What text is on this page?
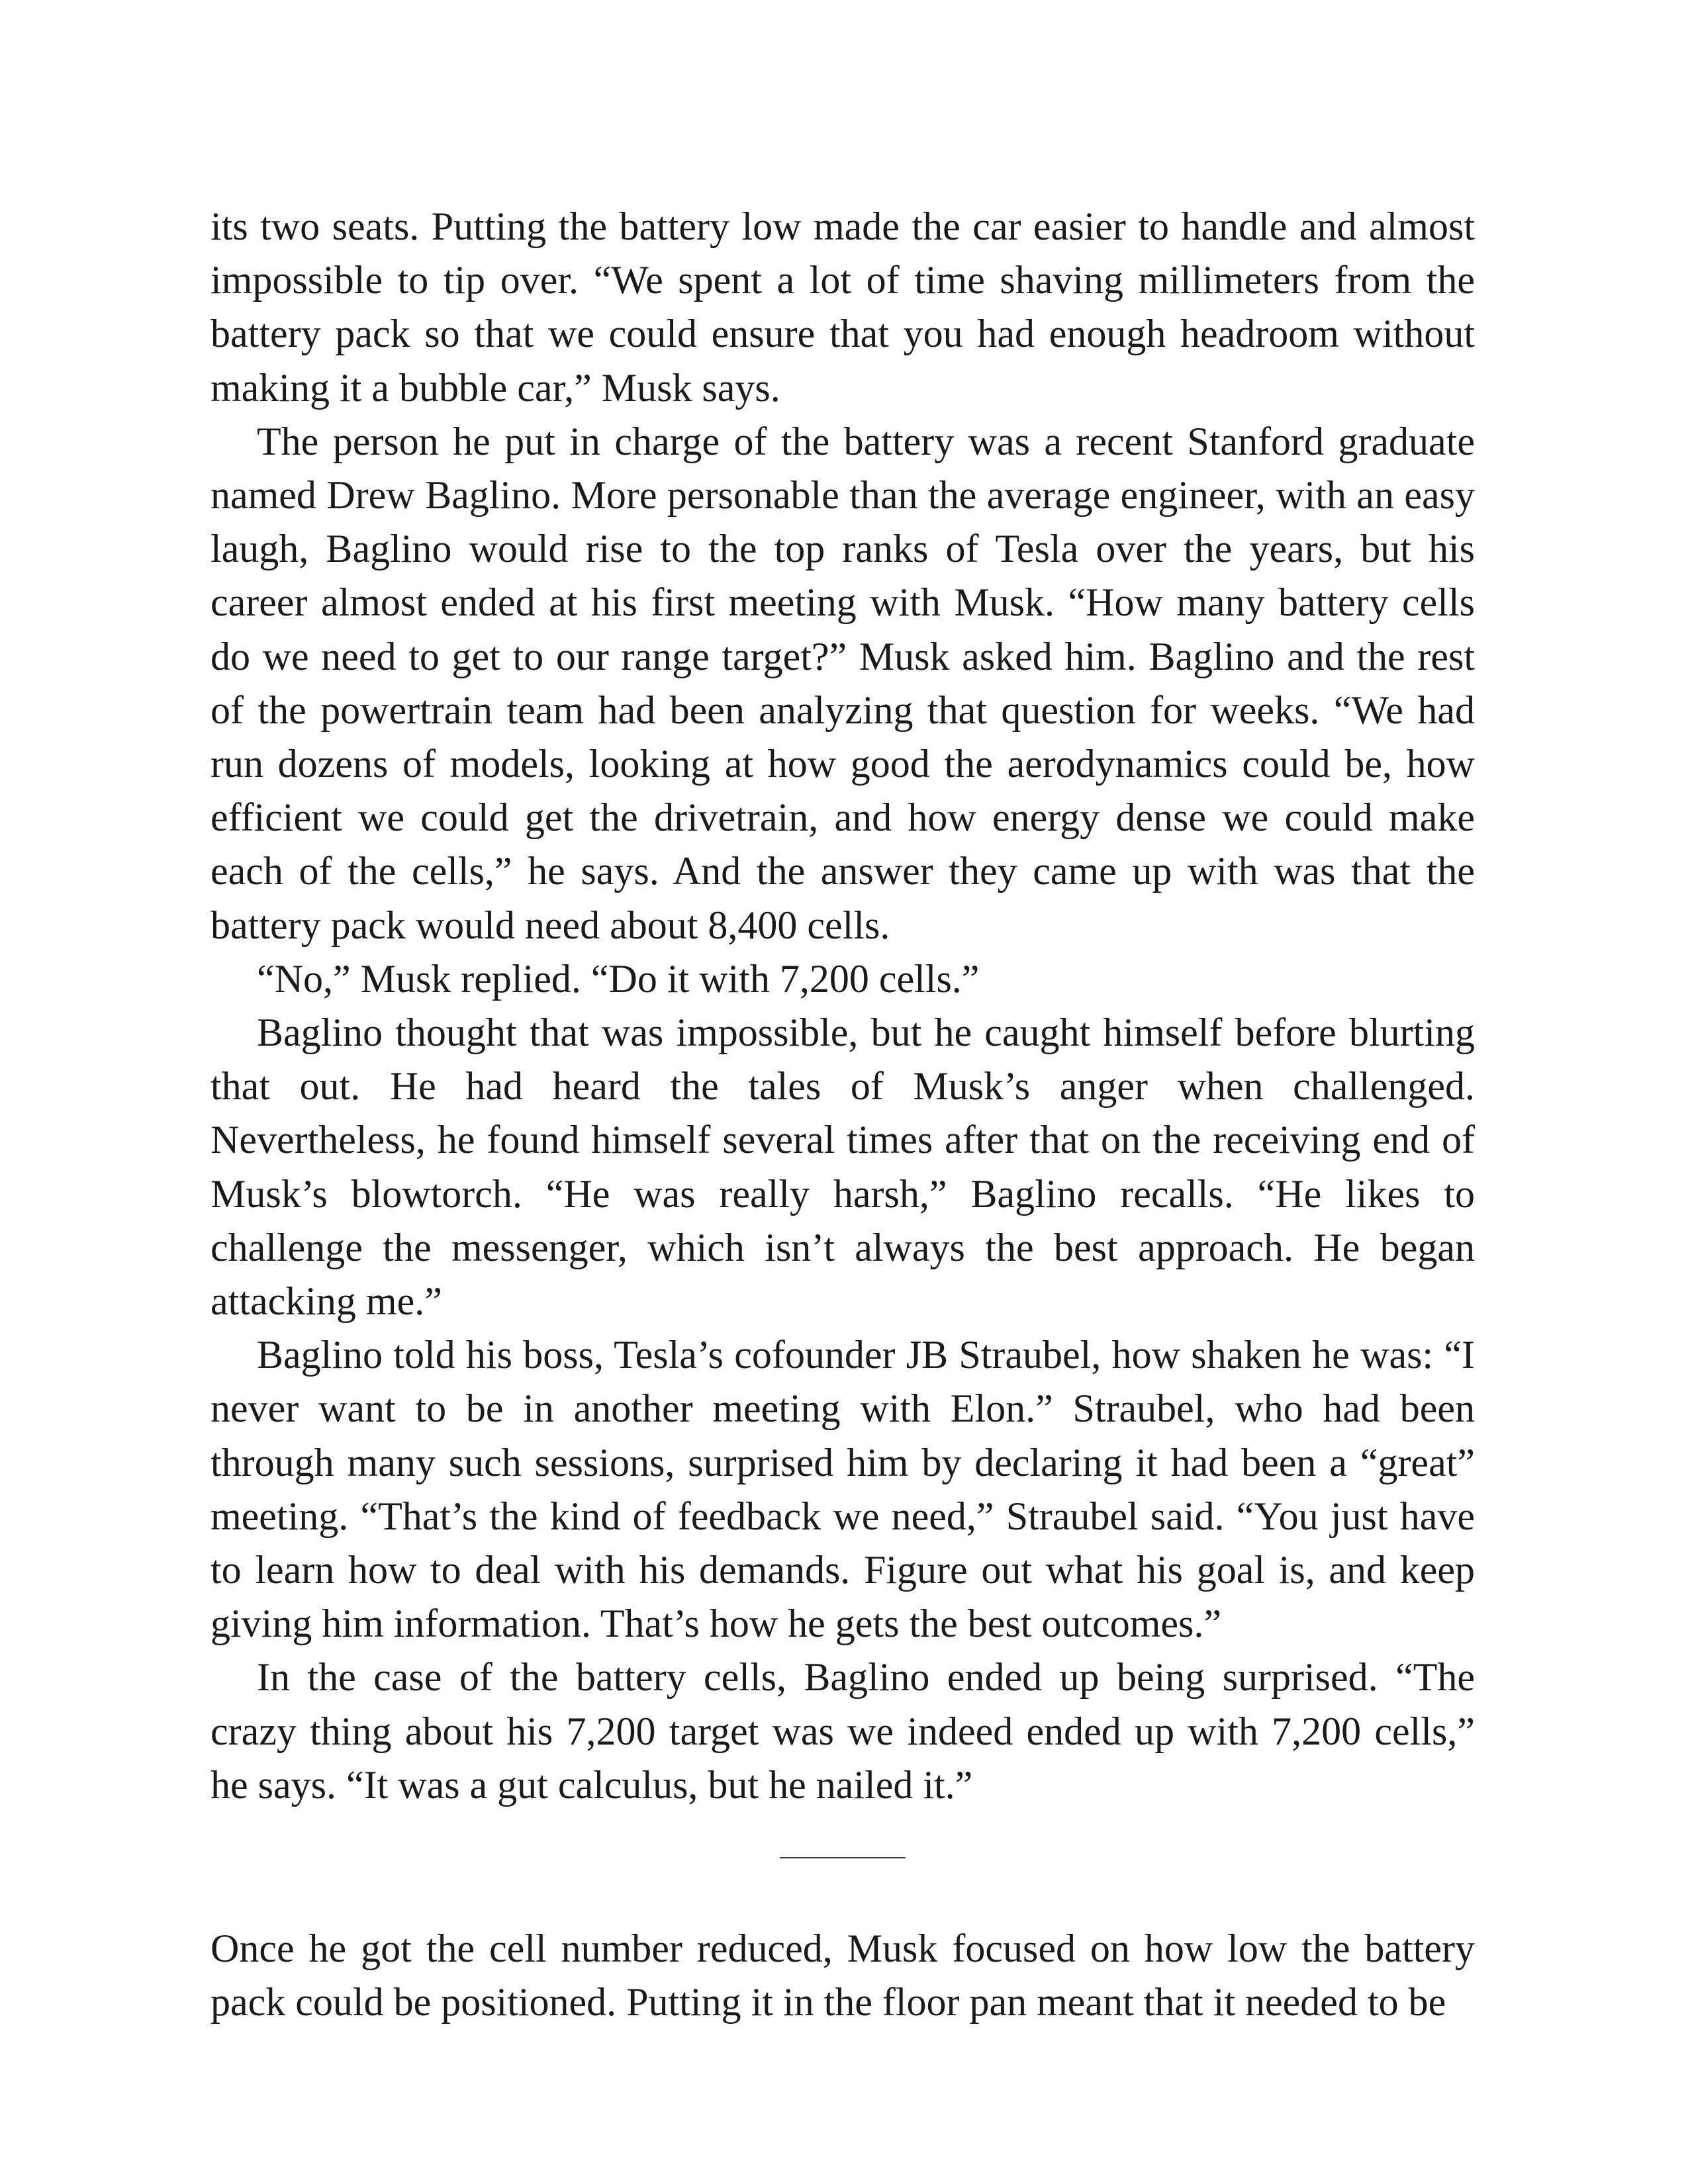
its two seats. Putting the battery low made the car easier to handle and almost impossible to tip over. “We spent a lot of time shaving millimeters from the battery pack so that we could ensure that you had enough headroom without making it a bubble car,” Musk says.

The person he put in charge of the battery was a recent Stanford graduate named Drew Baglino. More personable than the average engineer, with an easy laugh, Baglino would rise to the top ranks of Tesla over the years, but his career almost ended at his first meeting with Musk. “How many battery cells do we need to get to our range target?” Musk asked him. Baglino and the rest of the powertrain team had been analyzing that question for weeks. “We had run dozens of models, looking at how good the aerodynamics could be, how efficient we could get the drivetrain, and how energy dense we could make each of the cells,” he says. And the answer they came up with was that the battery pack would need about 8,400 cells.

“No,” Musk replied. “Do it with 7,200 cells.”

Baglino thought that was impossible, but he caught himself before blurting that out. He had heard the tales of Musk’s anger when challenged. Nevertheless, he found himself several times after that on the receiving end of Musk’s blowtorch. “He was really harsh,” Baglino recalls. “He likes to challenge the messenger, which isn’t always the best approach. He began attacking me.”

Baglino told his boss, Tesla’s cofounder JB Straubel, how shaken he was: “I never want to be in another meeting with Elon.” Straubel, who had been through many such sessions, surprised him by declaring it had been a “great” meeting. “That’s the kind of feedback we need,” Straubel said. “You just have to learn how to deal with his demands. Figure out what his goal is, and keep giving him information. That’s how he gets the best outcomes.”

In the case of the battery cells, Baglino ended up being surprised. “The crazy thing about his 7,200 target was we indeed ended up with 7,200 cells,” he says. “It was a gut calculus, but he nailed it.”

Once he got the cell number reduced, Musk focused on how low the battery pack could be positioned. Putting it in the floor pan meant that it needed to be
